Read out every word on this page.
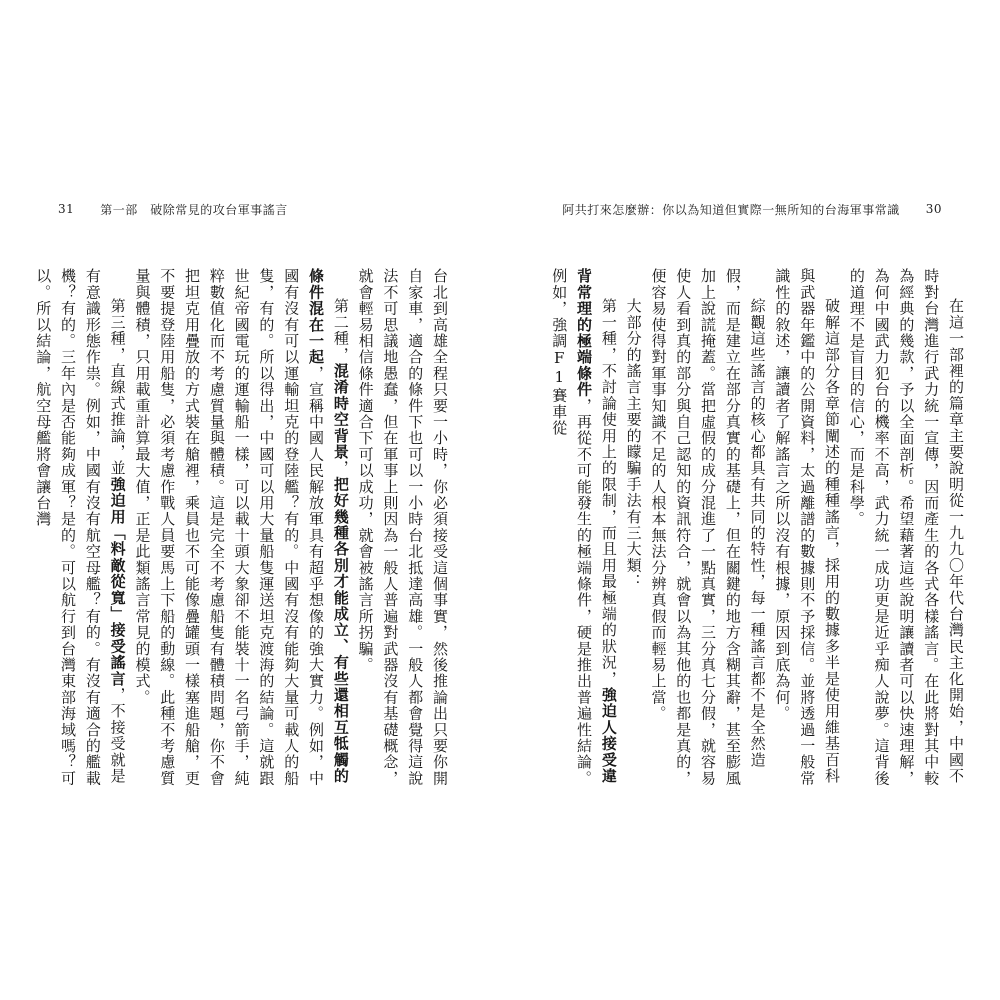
31 第一部　破除常見的攻台軍事謠言

台北到高雄全程只要一小時，你必須接受這個事實，然後推論出只要你開自家車，適合的條件下也可以一小時台北抵達高雄。一般人都會覺得這說法不可思議地愚蠢，但在軍事上則因為一般人普遍對武器沒有基礎概念，就會輕易相信條件適合下可以成功，就會被謠言所拐騙。

第二種，混淆時空背景，把好幾種各別才能成立、有些還相互牴觸的條件混在一起，宣稱中國人民解放軍具有超乎想像的強大實力。例如，中國有沒有可以運輸坦克的登陸艦？有的。中國有沒有能夠大量可載人的船隻，有的。所以得出，中國可以用大量船隻運送坦克渡海的結論。這就跟世紀帝國電玩的運輸船一樣，可以載十頭大象卻不能裝十一名弓箭手，純粹數值化而不考慮質量與體積。這是完全不考慮船隻有體積問題，你不會把坦克用疊放的方式裝在艙裡，乘員也不可能像疊罐頭一樣塞進船艙，更不要提登陸用船隻，必須考慮作戰人員要馬上下船的動線。此種不考慮質量與體積，只用載重計算最大值，正是此類謠言常見的模式。

第三種，直線式推論，並強迫用「料敵從寬」接受謠言，不接受就是有意識形態作祟。例如，中國有沒有航空母艦？有的。有沒有適合的艦載機？有的。三年內是否能夠成軍？是的。可以航行到台灣東部海域嗎？可以。所以結論，航空母艦將會讓台灣

阿共打來怎麼辦：你以為知道但實際一無所知的台海軍事常識 30

在這一部裡的篇章主要說明從一九九〇年代台灣民主化開始，中國不時對台灣進行武力統一宣傳，因而產生的各式各樣謠言。在此將對其中較為經典的幾款，予以全面剖析。希望藉著這些說明讓讀者可以快速理解，為何中國武力犯台的機率不高，武力統一成功更是近乎痴人說夢。這背後的道理不是盲目的信心，而是科學。

破解這部分各章節闡述的種種謠言，採用的數據多半是使用維基百科與武器年鑑中的公開資料，太過離譜的數據則不予採信。並將透過一般常識性的敘述，讓讀者了解謠言之所以沒有根據，原因到底為何。

綜觀這些謠言的核心都具有共同的特性，每一種謠言都不是全然造假，而是建立在部分真實的基礎上，但在關鍵的地方含糊其辭，甚至膨風加上說謊掩蓋。當把虛假的成分混進了一點真實，三分真七分假，就容易使人看到真的部分與自己認知的資訊符合，就會以為其他的也都是真的，便容易使得對軍事知識不足的人根本無法分辨真假而輕易上當。

大部分的謠言主要的矇騙手法有三大類：

第一種，不討論使用上的限制，而且用最極端的狀況，強迫人接受違背常理的極端條件，再從不可能發生的極端條件，硬是推出普遍性結論。例如，強調F1賽車從
